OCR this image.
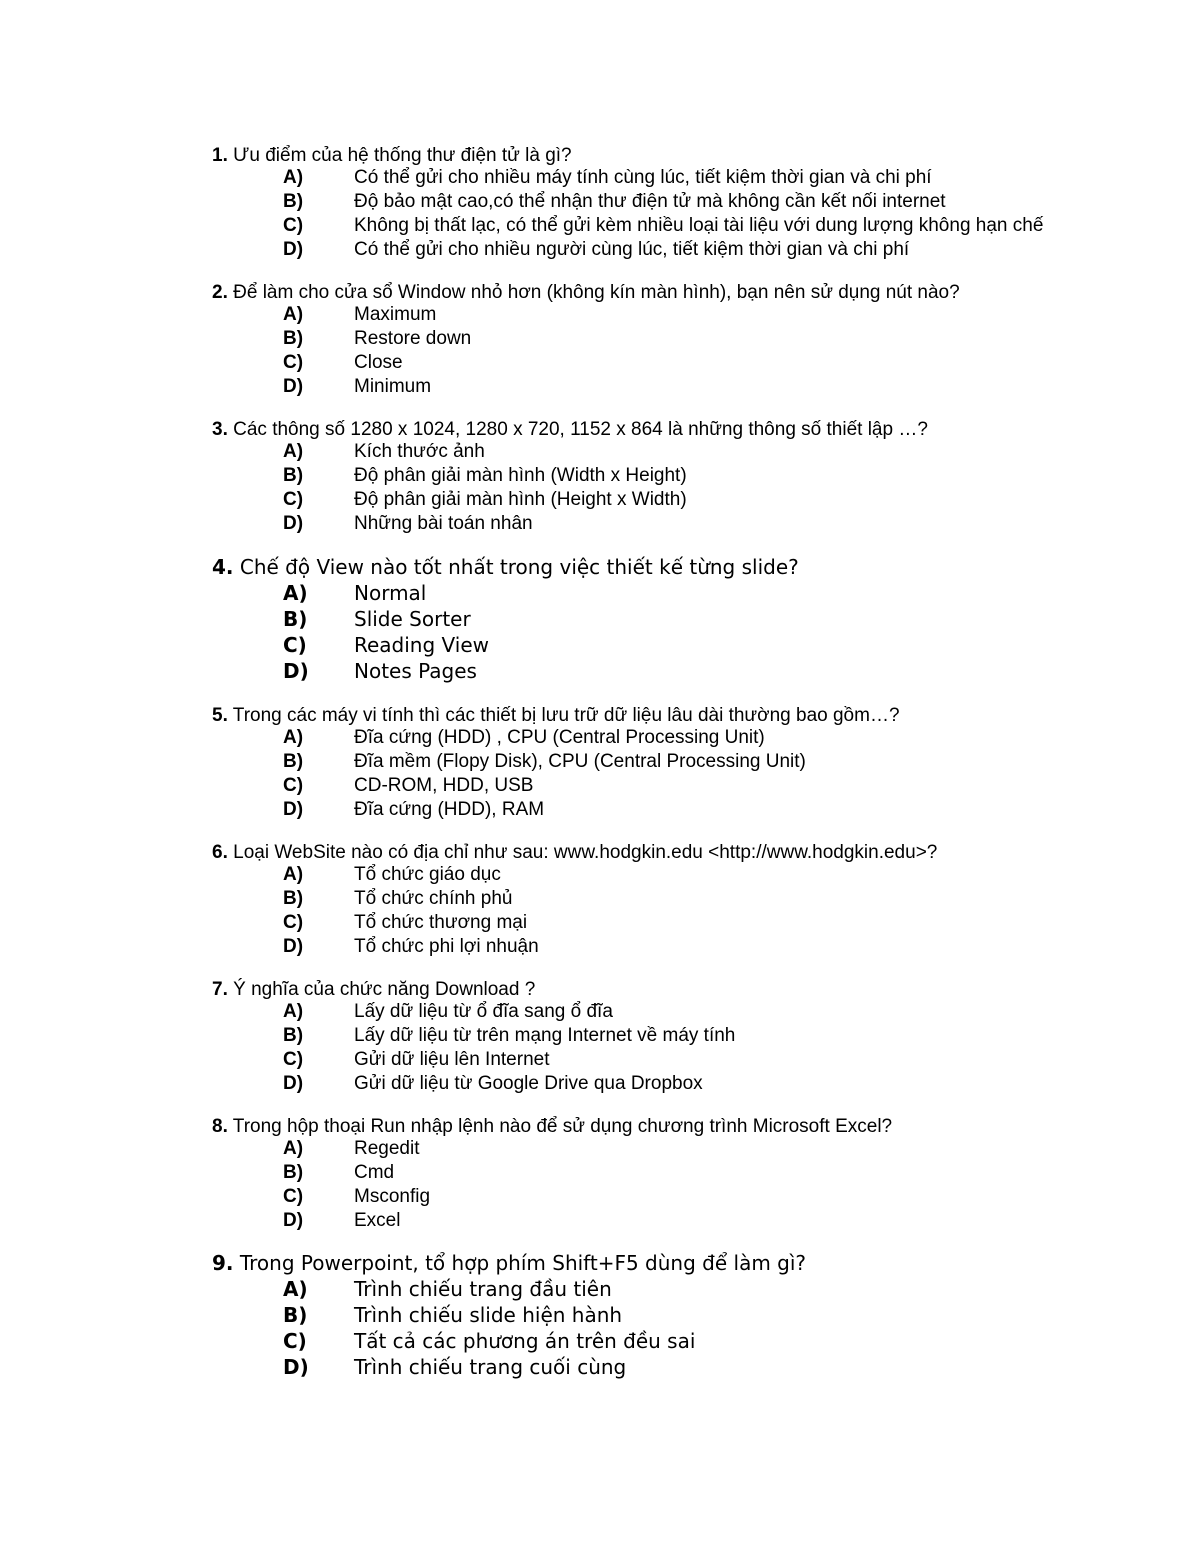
1. Ưu điểm của hệ thống thư điện tử là gì?
A)	Có thể gửi cho nhiều máy tính cùng lúc, tiết kiệm thời gian và chi phí
B)	Độ bảo mật cao,có thể nhận thư điện tử mà không cần kết nối internet
C)	Không bị thất lạc, có thể gửi kèm nhiều loại tài liệu với dung lượng không hạn chế
D)	Có thể gửi cho nhiều người cùng lúc, tiết kiệm thời gian và chi phí
2. Để làm cho cửa sổ Window nhỏ hơn (không kín màn hình), bạn nên sử dụng nút nào?
A)	Maximum
B)	Restore down
C)	Close
D)	Minimum
3. Các thông số 1280 x 1024, 1280 x 720, 1152 x 864 là những thông số thiết lập …?
A)	Kích thước ảnh
B)	Độ phân giải màn hình (Width x Height)
C)	Độ phân giải màn hình (Height x Width)
D)	Những bài toán nhân
4. Chế độ View nào tốt nhất trong việc thiết kế từng slide?
A) Normal
B) Slide Sorter
C) Reading View
D) Notes Pages
5. Trong các máy vi tính thì các thiết bị lưu trữ dữ liệu lâu dài thường bao gồm…?
A)	Đĩa cứng (HDD) , CPU (Central Processing Unit)
B)	Đĩa mềm (Flopy Disk), CPU (Central Processing Unit)
C)	CD-ROM, HDD, USB
D)	Đĩa cứng (HDD), RAM
6. Loại WebSite nào có địa chỉ như sau: www.hodgkin.edu <http://www.hodgkin.edu>?
A)	Tổ chức giáo dục
B)	Tổ chức chính phủ
C)	Tổ chức thương mại
D)	Tổ chức phi lợi nhuận
7. Ý nghĩa của chức năng Download ?
A)	Lấy dữ liệu từ ổ đĩa sang ổ đĩa
B)	Lấy dữ liệu từ trên mạng Internet về máy tính
C)	Gửi dữ liệu lên Internet
D)	Gửi dữ liệu từ Google Drive qua Dropbox
8. Trong hộp thoại Run nhập lệnh nào để sử dụng chương trình Microsoft Excel?
A)	Regedit
B)	Cmd
C)	Msconfig
D)	Excel
9. Trong Powerpoint, tổ hợp phím Shift+F5 dùng để làm gì?
A) Trình chiếu trang đầu tiên
B) Trình chiếu slide hiện hành
C) Tất cả các phương án trên đều sai
D) Trình chiếu trang cuối cùng
